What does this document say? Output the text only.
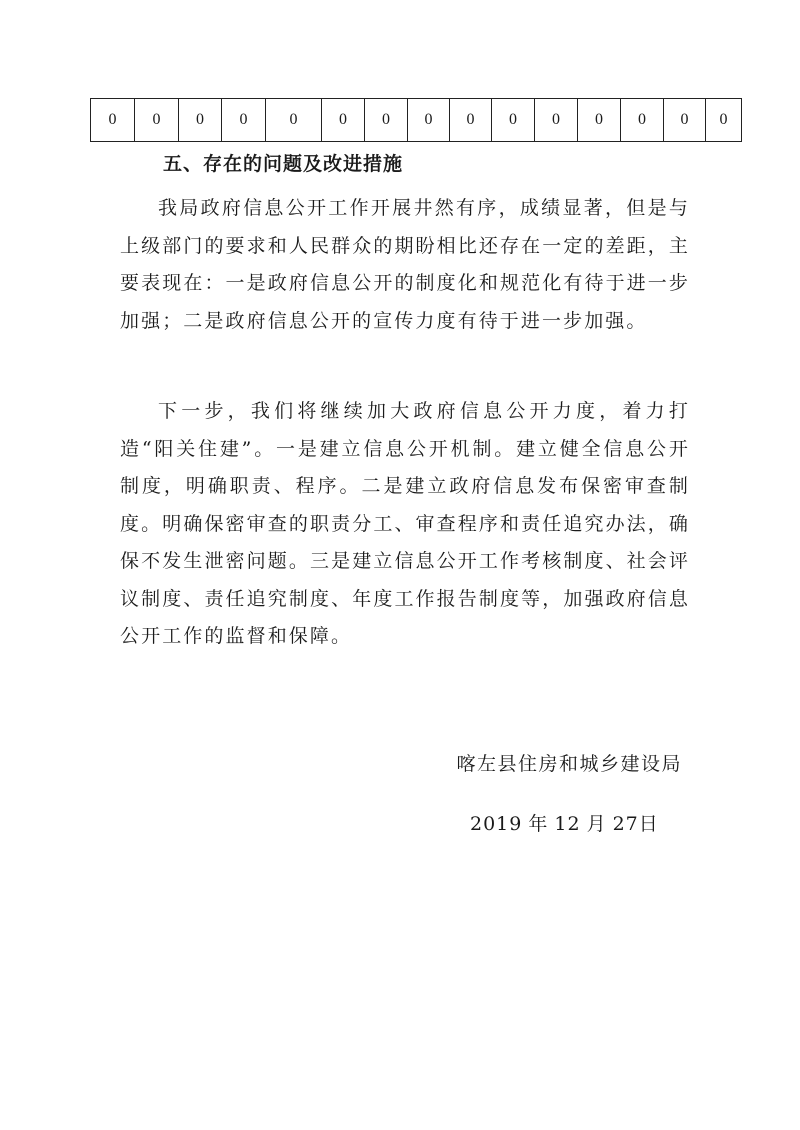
0	0	0	0	0	0	0	0	0	0	0	0	0	0	0
五、存在的问题及改进措施

我局政府信息公开工作开展井然有序，成绩显著，但是与上级部门的要求和人民群众的期盼相比还存在一定的差距，主要表现在：一是政府信息公开的制度化和规范化有待于进一步加强；二是政府信息公开的宣传力度有待于进一步加强。

下一步，我们将继续加大政府信息公开力度，着力打造“阳关住建”。一是建立信息公开机制。建立健全信息公开制度，明确职责、程序。二是建立政府信息发布保密审查制度。明确保密审查的职责分工、审查程序和责任追究办法，确保不发生泄密问题。三是建立信息公开工作考核制度、社会评议制度、责任追究制度、年度工作报告制度等，加强政府信息公开工作的监督和保障。

喀左县住房和城乡建设局
2019 年 12 月 27日
